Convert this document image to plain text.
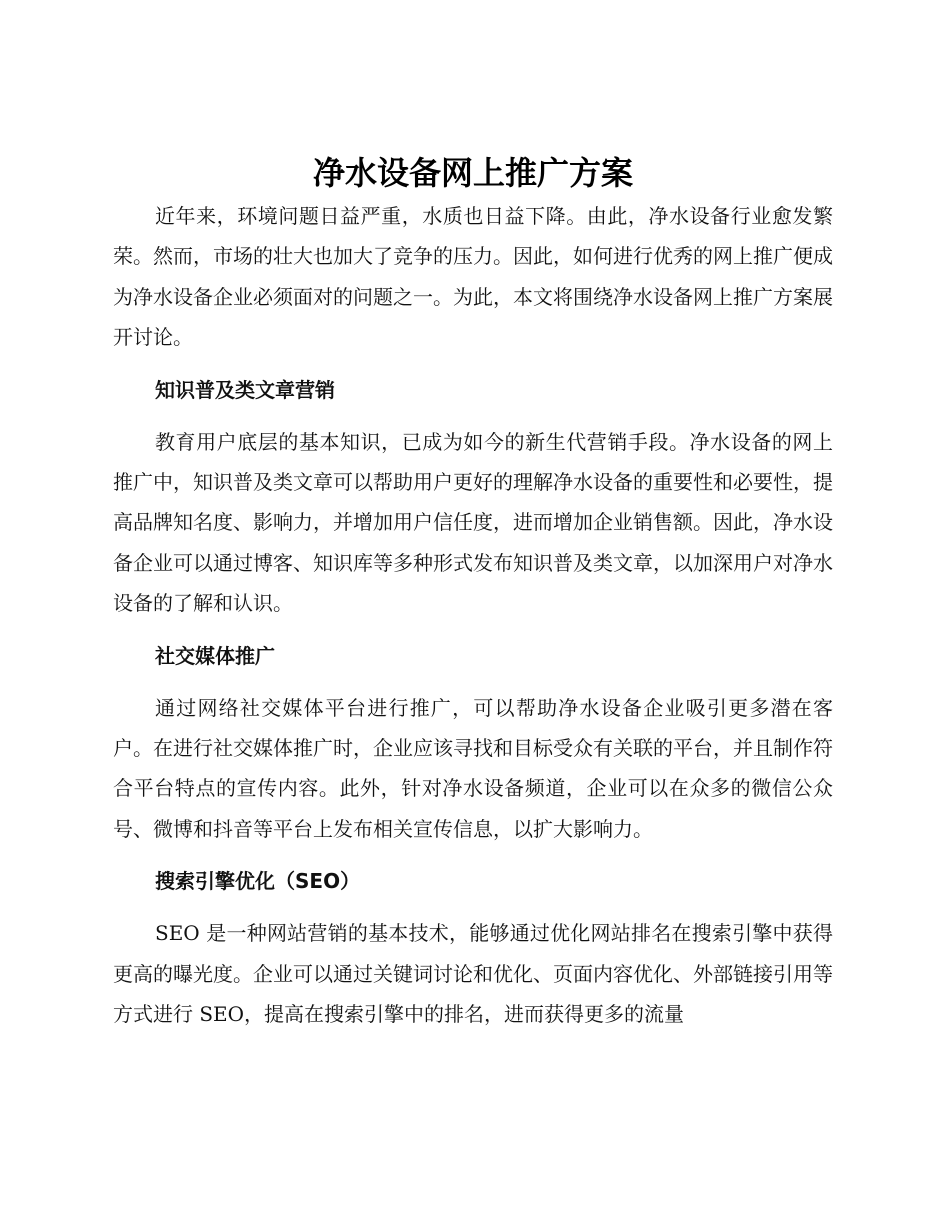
净水设备网上推广方案

近年来，环境问题日益严重，水质也日益下降。由此，净水设备行业愈发繁荣。然而，市场的壮大也加大了竞争的压力。因此，如何进行优秀的网上推广便成为净水设备企业必须面对的问题之一。为此，本文将围绕净水设备网上推广方案展开讨论。

知识普及类文章营销

教育用户底层的基本知识，已成为如今的新生代营销手段。净水设备的网上推广中，知识普及类文章可以帮助用户更好的理解净水设备的重要性和必要性，提高品牌知名度、影响力，并增加用户信任度，进而增加企业销售额。因此，净水设备企业可以通过博客、知识库等多种形式发布知识普及类文章，以加深用户对净水设备的了解和认识。

社交媒体推广

通过网络社交媒体平台进行推广，可以帮助净水设备企业吸引更多潜在客户。在进行社交媒体推广时，企业应该寻找和目标受众有关联的平台，并且制作符合平台特点的宣传内容。此外，针对净水设备频道，企业可以在众多的微信公众号、微博和抖音等平台上发布相关宣传信息，以扩大影响力。

搜索引擎优化（SEO）

SEO 是一种网站营销的基本技术，能够通过优化网站排名在搜索引擎中获得更高的曝光度。企业可以通过关键词讨论和优化、页面内容优化、外部链接引用等方式进行 SEO，提高在搜索引擎中的排名，进而获得更多的流量
